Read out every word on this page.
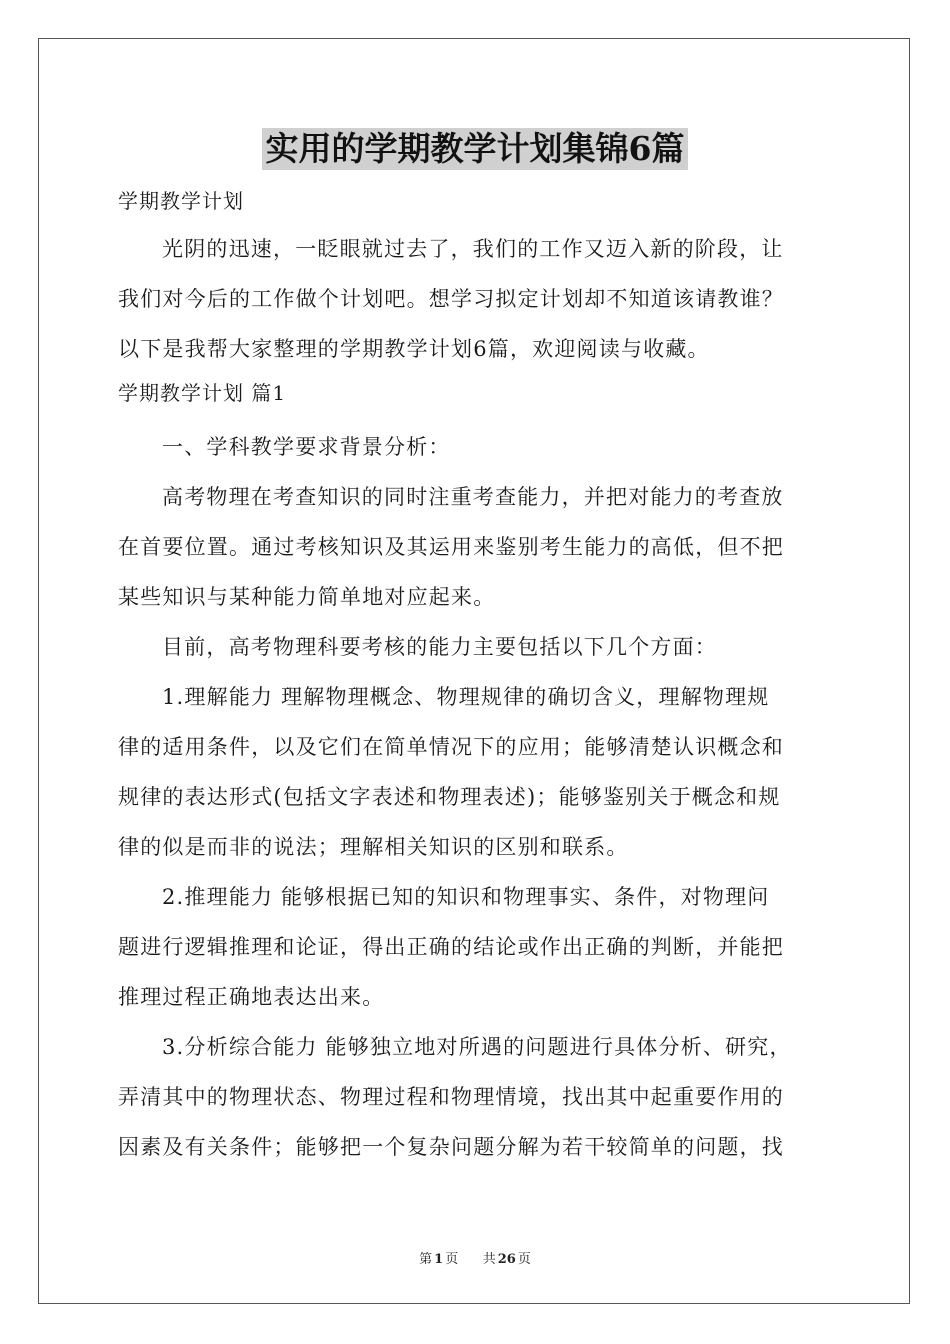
实用的学期教学计划集锦6篇
学期教学计划
光阴的迅速，一眨眼就过去了，我们的工作又迈入新的阶段，让
我们对今后的工作做个计划吧。想学习拟定计划却不知道该请教谁？
以下是我帮大家整理的学期教学计划6篇，欢迎阅读与收藏。
学期教学计划 篇1
一、学科教学要求背景分析：
高考物理在考查知识的同时注重考查能力，并把对能力的考查放
在首要位置。通过考核知识及其运用来鉴别考生能力的高低，但不把
某些知识与某种能力简单地对应起来。
目前，高考物理科要考核的能力主要包括以下几个方面：
1.理解能力 理解物理概念、物理规律的确切含义，理解物理规
律的适用条件，以及它们在简单情况下的应用；能够清楚认识概念和
规律的表达形式(包括文字表述和物理表述)；能够鉴别关于概念和规
律的似是而非的说法；理解相关知识的区别和联系。
2.推理能力 能够根据已知的知识和物理事实、条件，对物理问
题进行逻辑推理和论证，得出正确的结论或作出正确的判断，并能把
推理过程正确地表达出来。
3.分析综合能力 能够独立地对所遇的问题进行具体分析、研究，
弄清其中的物理状态、物理过程和物理情境，找出其中起重要作用的
因素及有关条件；能够把一个复杂问题分解为若干较简单的问题，找
第 1 页 共 26 页
